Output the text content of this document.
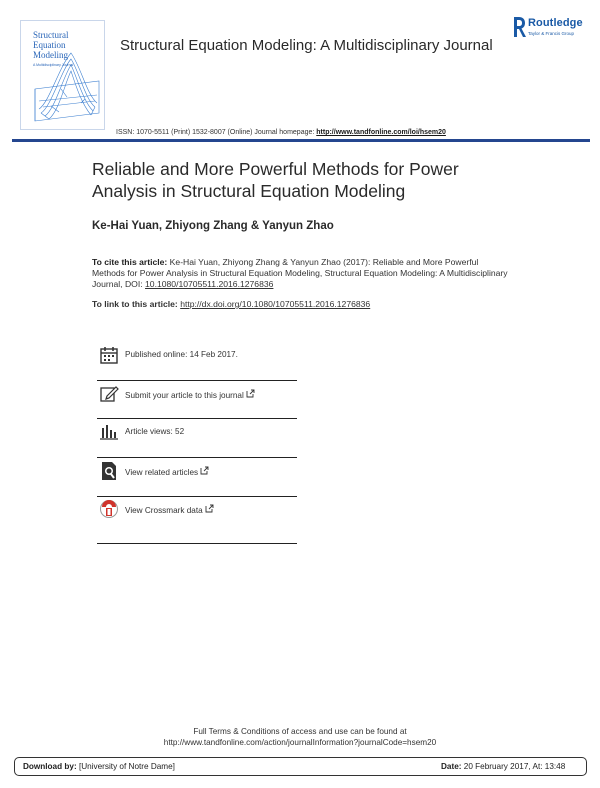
Structural
Equation
Modeling
A Multidisciplinary Journal
Routledge
Taylor & Francis Group
Structural Equation Modeling: A Multidisciplinary Journal
ISSN: 1070-5511 (Print) 1532-8007 (Online) Journal homepage: http://www.tandfonline.com/loi/hsem20
Reliable and More Powerful Methods for Power Analysis in Structural Equation Modeling
Ke-Hai Yuan, Zhiyong Zhang & Yanyun Zhao
To cite this article: Ke-Hai Yuan, Zhiyong Zhang & Yanyun Zhao (2017): Reliable and More Powerful Methods for Power Analysis in Structural Equation Modeling, Structural Equation Modeling: A Multidisciplinary Journal, DOI: 10.1080/10705511.2016.1276836
To link to this article: http://dx.doi.org/10.1080/10705511.2016.1276836
Published online: 14 Feb 2017.
Submit your article to this journal
Article views: 52
View related articles
View Crossmark data
Full Terms & Conditions of access and use can be found at
http://www.tandfonline.com/action/journalInformation?journalCode=hsem20
Download by: [University of Notre Dame]	Date: 20 February 2017, At: 13:48
